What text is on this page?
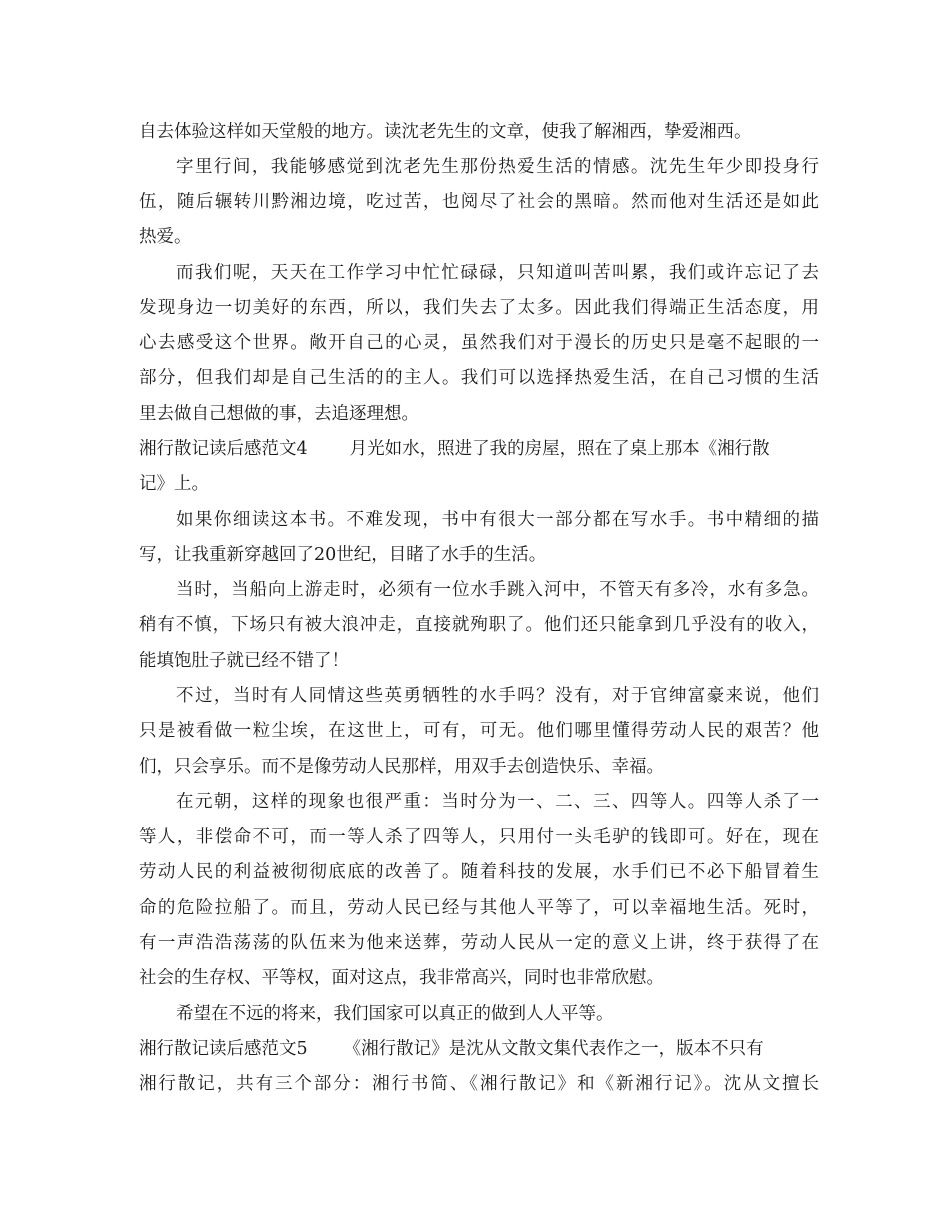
自去体验这样如天堂般的地方。读沈老先生的文章，使我了解湘西，挚爱湘西。
字里行间，我能够感觉到沈老先生那份热爱生活的情感。沈先生年少即投身行
伍，随后辗转川黔湘边境，吃过苦，也阅尽了社会的黑暗。然而他对生活还是如此
热爱。
而我们呢，天天在工作学习中忙忙碌碌，只知道叫苦叫累，我们或许忘记了去
发现身边一切美好的东西，所以，我们失去了太多。因此我们得端正生活态度，用
心去感受这个世界。敞开自己的心灵，虽然我们对于漫长的历史只是毫不起眼的一
部分，但我们却是自己生活的的主人。我们可以选择热爱生活，在自己习惯的生活
里去做自己想做的事，去追逐理想。
湘行散记读后感范文4 月光如水，照进了我的房屋，照在了桌上那本《湘行散
记》上。
如果你细读这本书。不难发现，书中有很大一部分都在写水手。书中精细的描
写，让我重新穿越回了20世纪，目睹了水手的生活。
当时，当船向上游走时，必须有一位水手跳入河中，不管天有多冷，水有多急。
稍有不慎，下场只有被大浪冲走，直接就殉职了。他们还只能拿到几乎没有的收入，
能填饱肚子就已经不错了！
不过，当时有人同情这些英勇牺牲的水手吗？没有，对于官绅富豪来说，他们
只是被看做一粒尘埃，在这世上，可有，可无。他们哪里懂得劳动人民的艰苦？他
们，只会享乐。而不是像劳动人民那样，用双手去创造快乐、幸福。
在元朝，这样的现象也很严重：当时分为一、二、三、四等人。四等人杀了一
等人，非偿命不可，而一等人杀了四等人，只用付一头毛驴的钱即可。好在，现在
劳动人民的利益被彻彻底底的改善了。随着科技的发展，水手们已不必下船冒着生
命的危险拉船了。而且，劳动人民已经与其他人平等了，可以幸福地生活。死时，
有一声浩浩荡荡的队伍来为他来送葬，劳动人民从一定的意义上讲，终于获得了在
社会的生存权、平等权，面对这点，我非常高兴，同时也非常欣慰。
希望在不远的将来，我们国家可以真正的做到人人平等。
湘行散记读后感范文5 《湘行散记》是沈从文散文集代表作之一，版本不只有
湘行散记，共有三个部分：湘行书简、《湘行散记》和《新湘行记》。沈从文擅长
